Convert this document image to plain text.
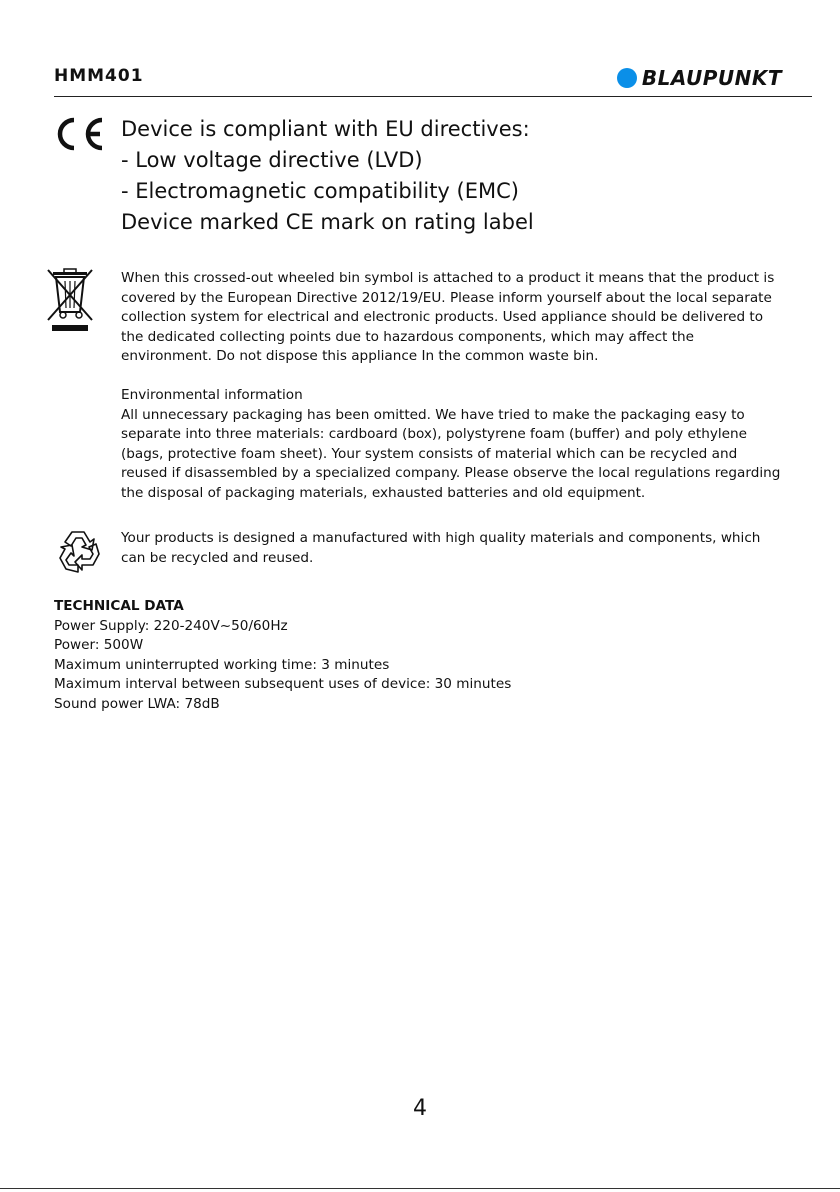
HMM401	BLAUPUNKT
Device is compliant with EU directives:
- Low voltage directive (LVD)
- Electromagnetic compatibility (EMC)
Device marked CE mark on rating label
When this crossed-out wheeled bin symbol is attached to a product it means that the product is covered by the European Directive 2012/19/EU. Please inform yourself about the local separate collection system for electrical and electronic products. Used appliance should be delivered to the dedicated collecting points due to hazardous components, which may affect the environment. Do not dispose this appliance In the common waste bin.
Environmental information
All unnecessary packaging has been omitted. We have tried to make the packaging easy to separate into three materials: cardboard (box), polystyrene foam (buffer) and poly ethylene (bags, protective foam sheet). Your system consists of material which can be recycled and reused if disassembled by a specialized company. Please observe the local regulations regarding the disposal of packaging materials, exhausted batteries and old equipment.
Your products is designed a manufactured with high quality materials and components, which can be recycled and reused.
TECHNICAL DATA
Power Supply: 220-240V~50/60Hz
Power: 500W
Maximum uninterrupted working time: 3 minutes
Maximum interval between subsequent uses of device: 30 minutes
Sound power LWA: 78dB
4
